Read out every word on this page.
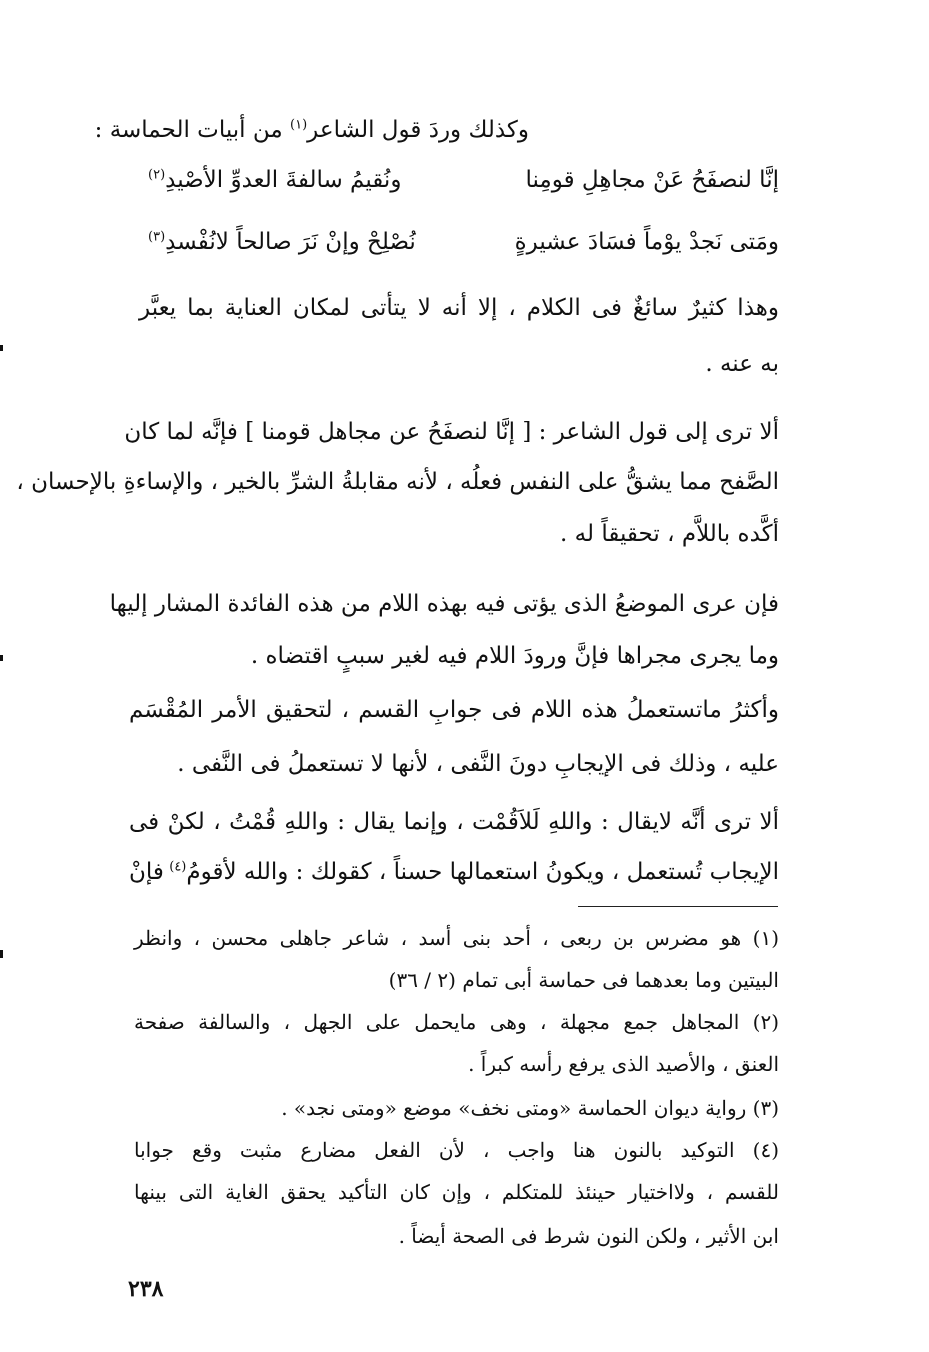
وكذلك وردَ قول الشاعر$^{(١)}$ من أبيات الحماسة :
إنَّا لنصفَحُ عَنْ مجاهِلِ قومِنا
ونُقيمُ سالفةَ العدوِّ الأصْيدِ$^{(٢)}$
ومَتى نَجدْ يوْماً فسَادَ عشيرةٍ
نُصْلِحْ وإنْ نَرَ صالحاً لانُفْسدِ$^{(٣)}$
وهذا كثيرٌ سائغٌ فى الكلام ، إلا أنه لا يتأتى لمكان العناية بما يعبَّر
به عنه .
ألا ترى إلى قول الشاعر : [ إنَّا لنصفَحُ عن مجاهل قومنا ] فإنَّه لما كان
الصَّفح مما يشقُّ على النفس فعلُه ، لأنه مقابلةُ الشرِّ بالخير ، والإساءةِ بالإحسان ،
أكَّده باللاَّم ، تحقيقاً له .
فإن عرى الموضعُ الذى يؤتى فيه بهذه اللام من هذه الفائدة المشار إليها
وما يجرى مجراها فإنَّ ورودَ اللام فيه لغير سببٍ اقتضاه .
وأكثرُ ماتستعملُ هذه اللام فى جوابِ القسم ، لتحقيق الأمر المُقْسَم
عليه ، وذلك فى الإيجابِ دونَ النَّفى ، لأنها لا تستعملُ فى النَّفى .
ألا ترى أنَّه لايقال : واللهِ لَلاَقُمْت ، وإنما يقال : واللهِ قُمْتُ ، لكنْ فى
الإيجاب تُستعمل ، ويكونُ استعمالها حسناً ، كقولك : والله لأقومُ$^{(٤)}$
فإنْ
(١) هو مضرس بن ربعى ، أحد بنى أسد ، شاعر جاهلى محسن ، وانظر
البيتين وما بعدهما فى حماسة أبى تمام (٢ / ٣٦)
(٢) المجاهل جمع مجهلة ، وهى مايحمل على الجهل ، والسالفة صفحة
العنق ، والأصيد الذى يرفع رأسه كبراً .
(٣) رواية ديوان الحماسة «ومتى نخف» موضع «ومتى نجد» .
(٤) التوكيد بالنون هنا واجب ، لأن الفعل مضارع مثبت وقع جوابا
للقسم ، ولااختيار حينئذ للمتكلم ، وإن كان التأكيد يحقق الغاية التى بينها
ابن الأثير ، ولكن النون شرط فى الصحة أيضاً .
٢٣٨
